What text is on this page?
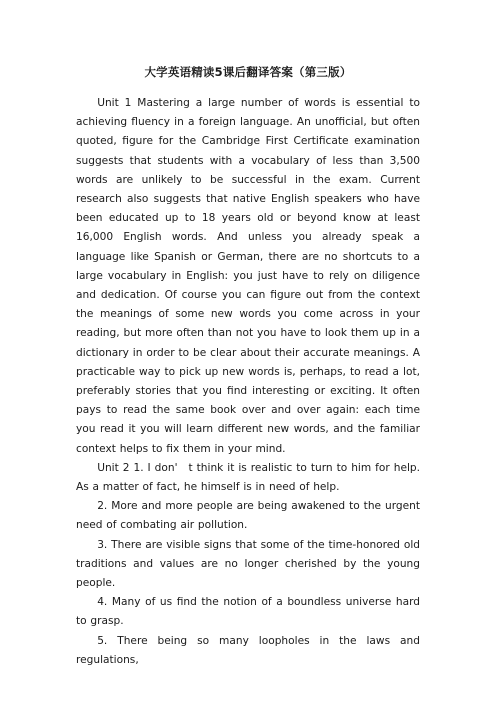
大学英语精读5课后翻译答案（第三版）

Unit 1 Mastering a large number of words is essential to achieving fluency in a foreign language. An unofficial, but often quoted, figure for the Cambridge First Certificate examination suggests that students with a vocabulary of less than 3,500 words are unlikely to be successful in the exam. Current research also suggests that native English speakers who have been educated up to 18 years old or beyond know at least 16,000 English words. And unless you already speak a language like Spanish or German, there are no shortcuts to a large vocabulary in English: you just have to rely on diligence and dedication. Of course you can figure out from the context the meanings of some new words you come across in your reading, but more often than not you have to look them up in a dictionary in order to be clear about their accurate meanings. A practicable way to pick up new words is, perhaps, to read a lot, preferably stories that you find interesting or exciting. It often pays to read the same book over and over again: each time you read it you will learn different new words, and the familiar context helps to fix them in your mind.

Unit 2 1. I don'　t think it is realistic to turn to him for help. As a matter of fact, he himself is in need of help.

2. More and more people are being awakened to the urgent need of combating air pollution.

3. There are visible signs that some of the time-honored old traditions and values are no longer cherished by the young people.

4. Many of us find the notion of a boundless universe hard to grasp.

5. There being so many loopholes in the laws and regulations,
